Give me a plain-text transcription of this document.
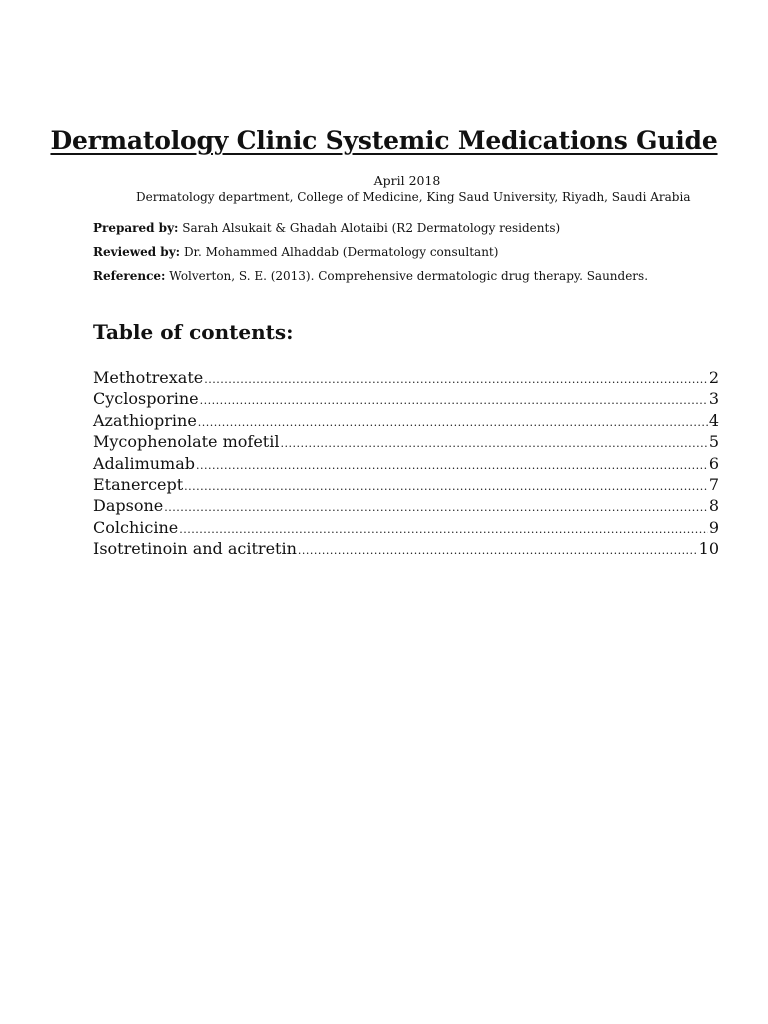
Dermatology Clinic Systemic Medications Guide

April 2018

Dermatology department, College of Medicine, King Saud University, Riyadh, Saudi Arabia

Prepared by: Sarah Alsukait & Ghadah Alotaibi (R2 Dermatology residents)

Reviewed by: Dr. Mohammed Alhaddab (Dermatology consultant)

Reference: Wolverton, S. E. (2013). Comprehensive dermatologic drug therapy. Saunders.

Table of contents:
Methotrexate .....	2
Cyclosporine .....	3
Azathioprine .....	4
Mycophenolate mofetil .....	5
Adalimumab .....	6
Etanercept .....	7
Dapsone .....	8
Colchicine .....	9
Isotretinoin and acitretin .....	10
